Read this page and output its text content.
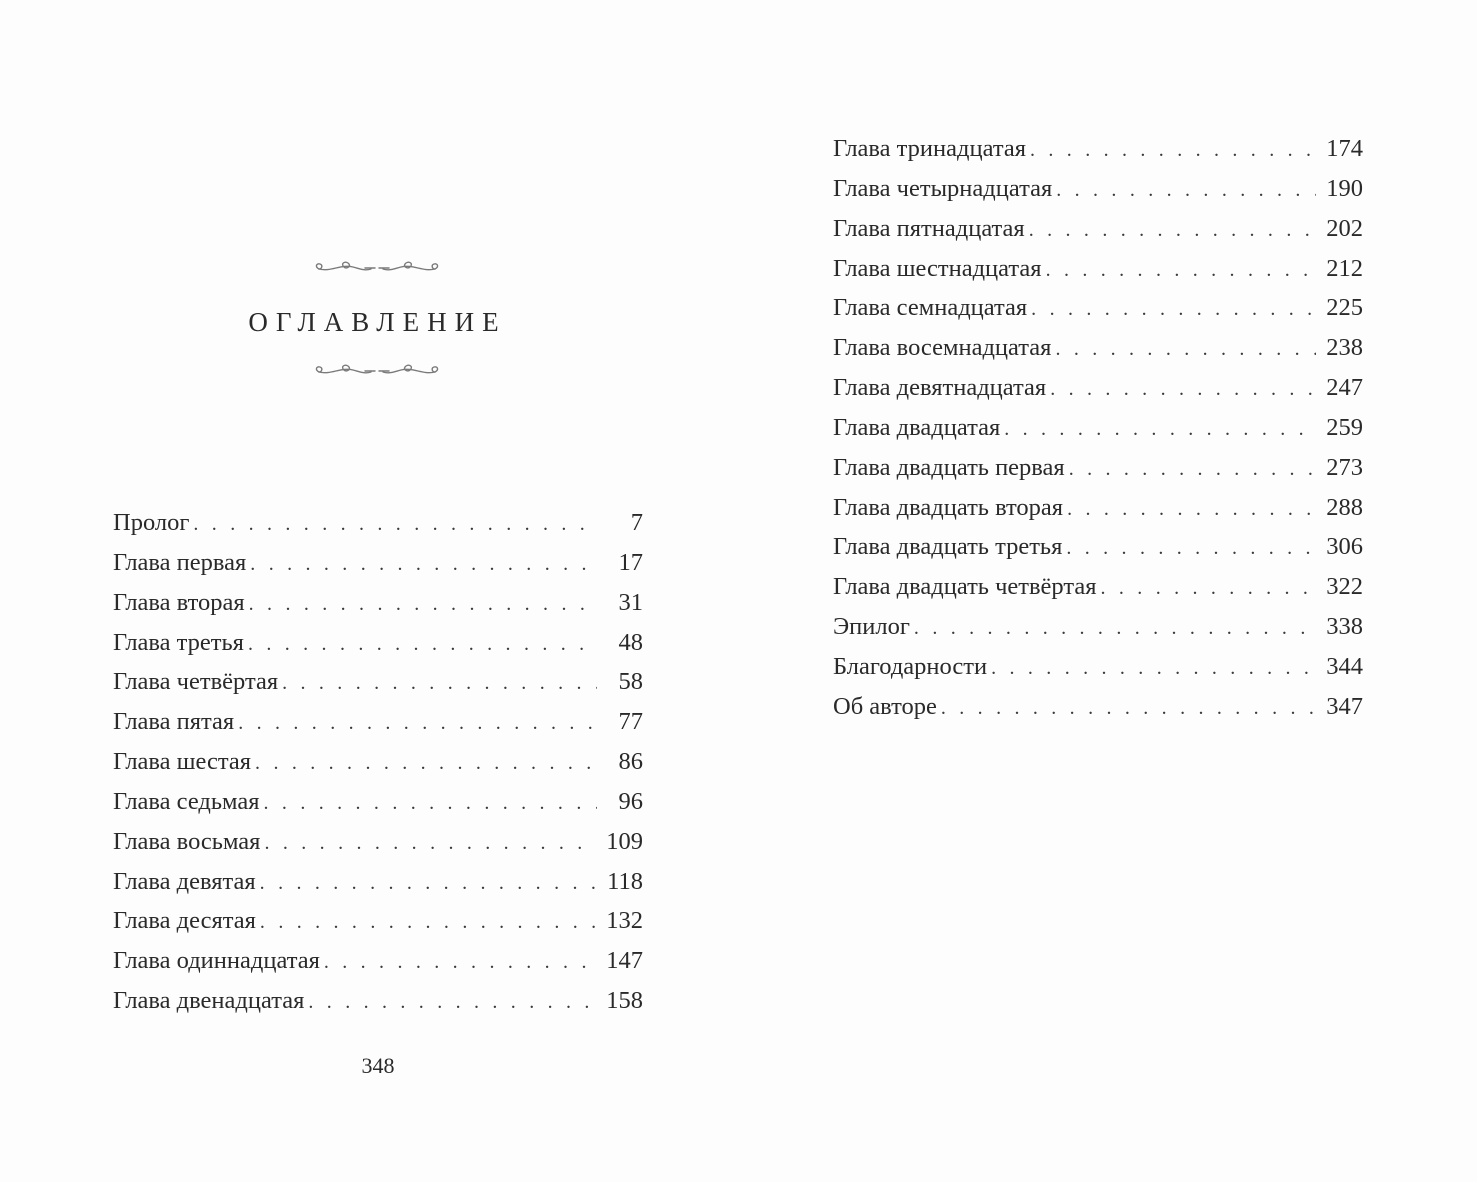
ОГЛАВЛЕНИЕ
Пролог . . .	7
Глава первая . . .	17
Глава вторая . . .	31
Глава третья . . .	48
Глава четвёртая . . .	58
Глава пятая . . .	77
Глава шестая . . .	86
Глава седьмая . . .	96
Глава восьмая . . .	109
Глава девятая . . .	118
Глава десятая . . .	132
Глава одиннадцатая . . .	147
Глава двенадцатая . . .	158

348

Глава тринадцатая . . .	174
Глава четырнадцатая . . .	190
Глава пятнадцатая . . .	202
Глава шестнадцатая . . .	212
Глава семнадцатая . . .	225
Глава восемнадцатая . . .	238
Глава девятнадцатая . . .	247
Глава двадцатая . . .	259
Глава двадцать первая . . .	273
Глава двадцать вторая . . .	288
Глава двадцать третья . . .	306
Глава двадцать четвёртая . . .	322
Эпилог . . .	338
Благодарности . . .	344
Об авторе . . .	347
